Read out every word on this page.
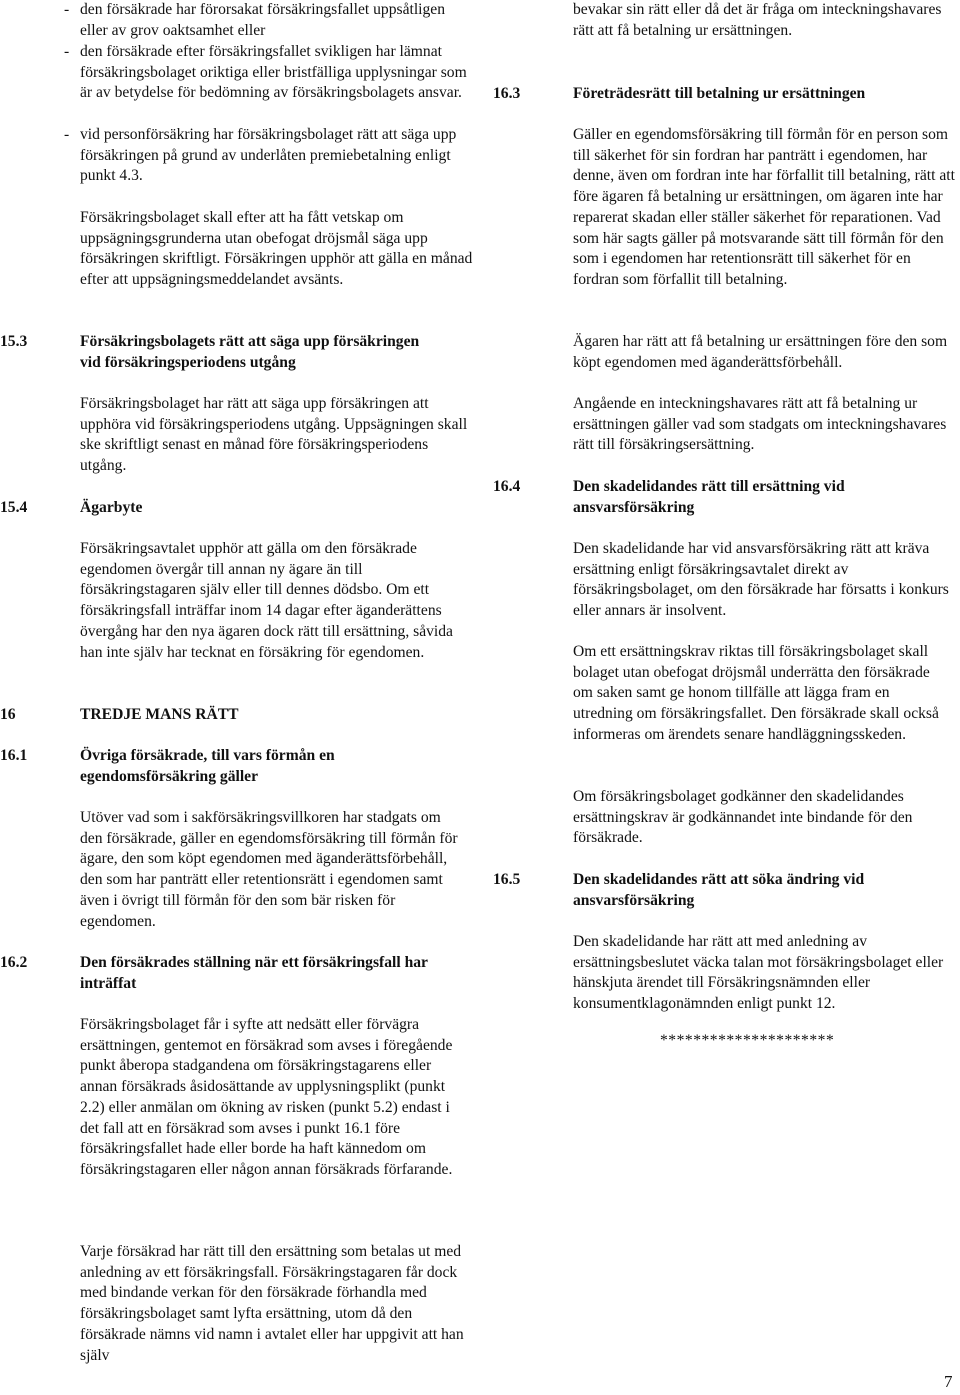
- den försäkrade har förorsakat försäkringsfallet uppsåtligen eller av grov oaktsamhet eller

- den försäkrade efter försäkringsfallet svikligen har lämnat försäkringsbolaget oriktiga eller bristfälliga upplysningar som är av betydelse för bedömning av försäkringsbolagets ansvar.

- vid personförsäkring har försäkringsbolaget rätt att säga upp försäkringen på grund av underlåten premiebetalning enligt punkt 4.3.

Försäkringsbolaget skall efter att ha fått vetskap om uppsägningsgrunderna utan obefogat dröjsmål säga upp försäkringen skriftligt. Försäkringen upphör att gälla en månad efter att uppsägningsmeddelandet avsänts.

15.3	Försäkringsbolagets rätt att säga upp försäkringen vid försäkringsperiodens utgång

Försäkringsbolaget har rätt att säga upp försäkringen att upphöra vid försäkringsperiodens utgång. Uppsägningen skall ske skriftligt senast en månad före försäkringsperiodens utgång.

15.4	Ägarbyte

Försäkringsavtalet upphör att gälla om den försäkrade egendomen övergår till annan ny ägare än till försäkringstagaren själv eller till dennes dödsbo. Om ett försäkringsfall inträffar inom 14 dagar efter äganderättens övergång har den nya ägaren dock rätt till ersättning, såvida han inte själv har tecknat en försäkring för egendomen.

16	TREDJE MANS RÄTT

16.1	Övriga försäkrade, till vars förmån en egendomsförsäkring gäller

Utöver vad som i sakförsäkringsvillkoren har stadgats om den försäkrade, gäller en egendomsförsäkring till förmån för ägare, den som köpt egendomen med äganderättsförbehåll, den som har panträtt eller retentionsrätt i egendomen samt även i övrigt till förmån för den som bär risken för egendomen.

16.2	Den försäkrades ställning när ett försäkringsfall har inträffat

Försäkringsbolaget får i syfte att nedsätt eller förvägra ersättningen, gentemot en försäkrad som avses i föregående punkt åberopa stadgandena om försäkringstagarens eller annan försäkrads åsidosättande av upplysningsplikt (punkt 2.2) eller anmälan om ökning av risken (punkt 5.2) endast i det fall att en försäkrad som avses i punkt 16.1 före försäkringsfallet hade eller borde ha haft kännedom om försäkringstagaren eller någon annan försäkrads förfarande.

Varje försäkrad har rätt till den ersättning som betalas ut med anledning av ett försäkringsfall. Försäkringstagaren får dock med bindande verkan för den försäkrade förhandla med försäkringsbolaget samt lyfta ersättning, utom då den försäkrade nämns vid namn i avtalet eller har uppgivit att han själv

bevakar sin rätt eller då det är fråga om inteckningshavares rätt att få betalning ur ersättningen.

16.3	Företrädesrätt till betalning ur ersättningen

Gäller en egendomsförsäkring till förmån för en person som till säkerhet för sin fordran har panträtt i egendomen, har denne, även om fordran inte har förfallit till betalning, rätt att före ägaren få betalning ur ersättningen, om ägaren inte har reparerat skadan eller ställer säkerhet för reparationen. Vad som här sagts gäller på motsvarande sätt till förmån för den som i egendomen har retentionsrätt till säkerhet för en fordran som förfallit till betalning.

Ägaren har rätt att få betalning ur ersättningen före den som köpt egendomen med äganderättsförbehåll.

Angående en inteckningshavares rätt att få betalning ur ersättningen gäller vad som stadgats om inteckningshavares rätt till försäkringsersättning.

16.4	Den skadelidandes rätt till ersättning vid ansvarsförsäkring

Den skadelidande har vid ansvarsförsäkring rätt att kräva ersättning enligt försäkringsavtalet direkt av försäkringsbolaget, om den försäkrade har försatts i konkurs eller annars är insolvent.

Om ett ersättningskrav riktas till försäkringsbolaget skall bolaget utan obefogat dröjsmål underrätta den försäkrade om saken samt ge honom tillfälle att lägga fram en utredning om försäkringsfallet. Den försäkrade skall också informeras om ärendets senare handläggningsskeden.

Om försäkringsbolaget godkänner den skadelidandes ersättningskrav är godkännandet inte bindande för den försäkrade.

16.5	Den skadelidandes rätt att söka ändring vid ansvarsförsäkring

Den skadelidande har rätt att med anledning av ersättningsbeslutet väcka talan mot försäkringsbolaget eller hänskjuta ärendet till Försäkringsnämnden eller konsumentklagonämnden enligt punkt 12.

*********************
7
